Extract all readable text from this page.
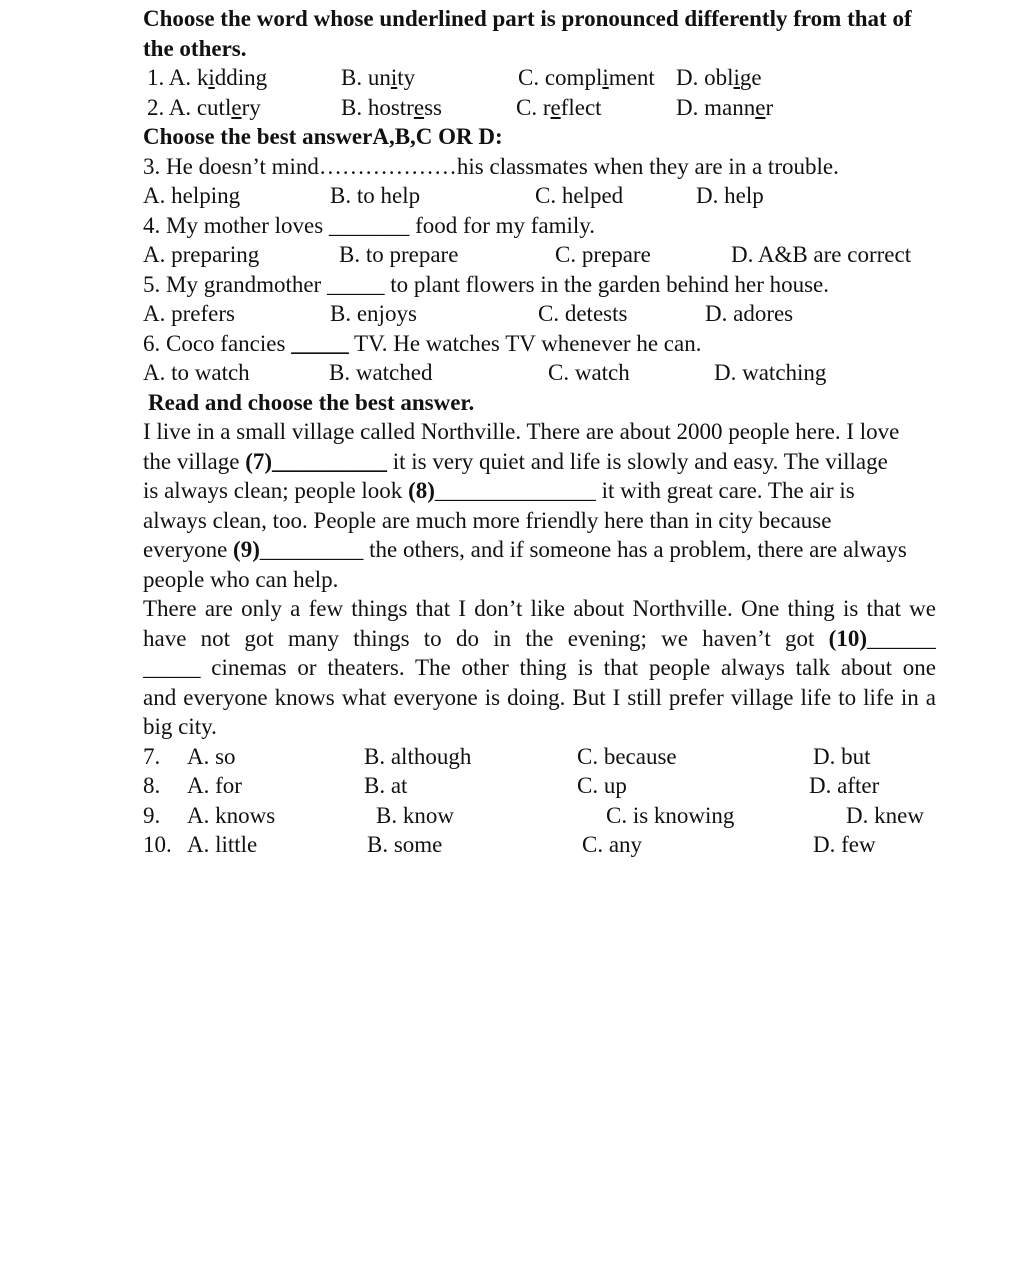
Choose the word whose underlined part is pronounced differently from that of
the others.
1. A. kidding	B. unity	C. compliment D. oblige
2. A. cutlery	B. hostress	C. reflect	D. manner
Choose the best answerA,B,C OR D:
3. He doesn’t mind………………his classmates when they are in a trouble.
A. helping	B. to help	C. helped	D. help
4. My mother loves _______ food for my family.
A. preparing	B. to prepare	C. prepare	D. A&B are correct
5. My grandmother _____ to plant flowers in the garden behind her house.
A. prefers	B. enjoys	C. detests	D. adores
6. Coco fancies _____ TV. He watches TV whenever he can.
A. to watch	B. watched	C. watch	D. watching
Read and choose the best answer.
I live in a small village called Northville. There are about 2000 people here. I love
the village (7)__________ it is very quiet and life is slowly and easy. The village
is always clean; people look (8)______________ it with great care. The air is
always clean, too. People are much more friendly here than in city because
everyone (9)_________ the others, and if someone has a problem, there are always
people who can help.
There are only a few things that I don’t like about Northville. One thing is that we
have not got many things to do in the evening; we haven’t got (10)______
_____ cinemas or theaters. The other thing is that people always talk about one
and everyone knows what everyone is doing. But I still prefer village life to life in a
big city.
7. A. so	B. although	C. because	D. but
8. A. for	B. at	C. up	D. after
9. A. knows	B. know	C. is knowing	D. knew
10. A. little	B. some	C. any	D. few
